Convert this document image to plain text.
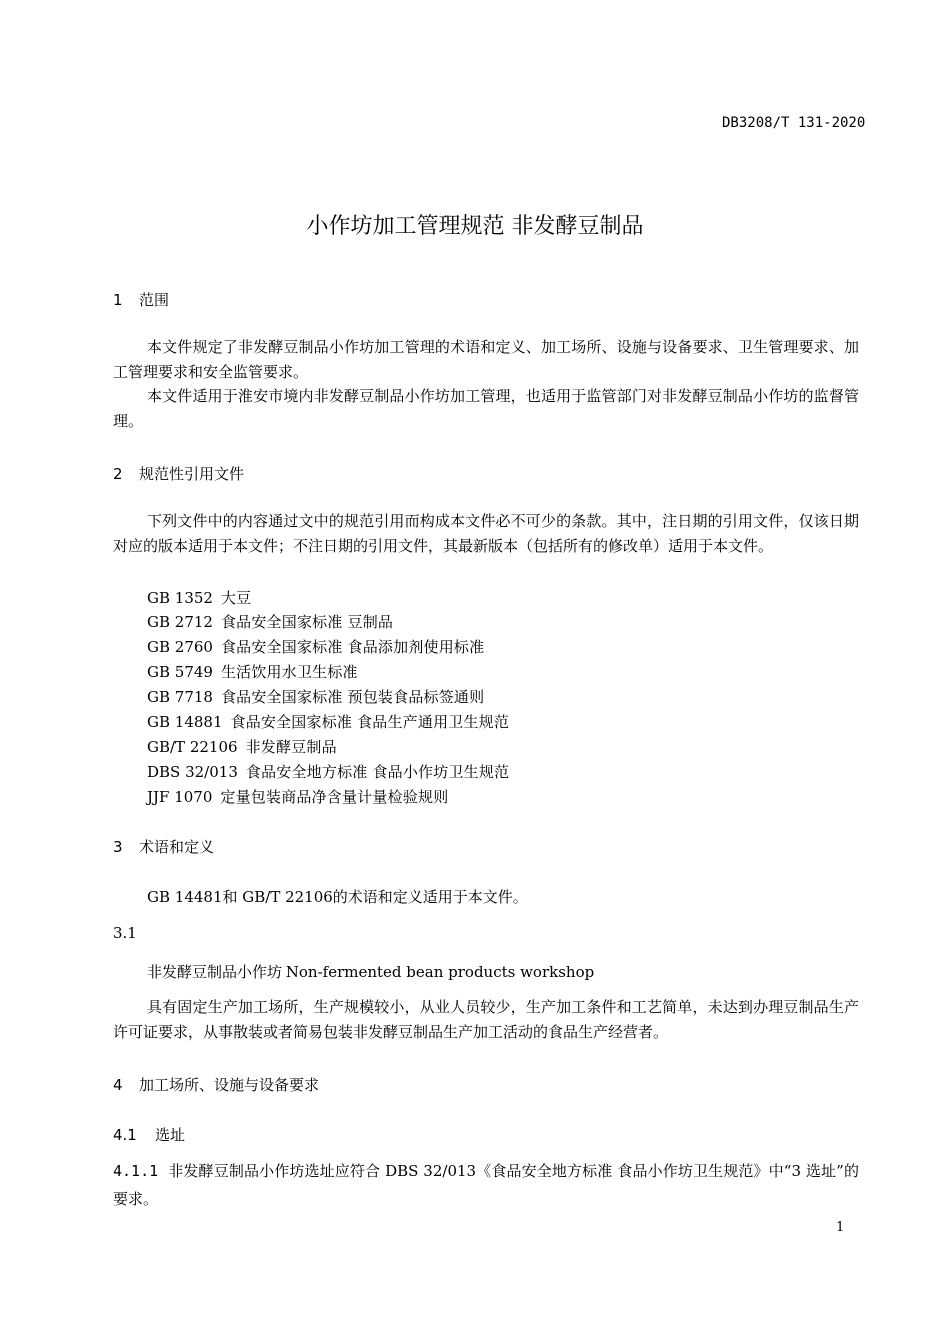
DB3208/T 131-2020

小作坊加工管理规范 非发酵豆制品
1 范围

本文件规定了非发酵豆制品小作坊加工管理的术语和定义、加工场所、设施与设备要求、卫生管理要求、加工管理要求和安全监管要求。

本文件适用于淮安市境内非发酵豆制品小作坊加工管理，也适用于监管部门对非发酵豆制品小作坊的监督管理。

2 规范性引用文件

下列文件中的内容通过文中的规范引用而构成本文件必不可少的条款。其中，注日期的引用文件，仅该日期对应的版本适用于本文件；不注日期的引用文件，其最新版本（包括所有的修改单）适用于本文件。

GB 1352 大豆
GB 2712 食品安全国家标准 豆制品
GB 2760 食品安全国家标准 食品添加剂使用标准
GB 5749 生活饮用水卫生标准
GB 7718 食品安全国家标准 预包装食品标签通则
GB 14881 食品安全国家标准 食品生产通用卫生规范
GB/T 22106 非发酵豆制品
DBS 32/013 食品安全地方标准 食品小作坊卫生规范
JJF 1070 定量包装商品净含量计量检验规则
3 术语和定义

GB 14481和 GB/T 22106的术语和定义适用于本文件。

3.1

非发酵豆制品小作坊 Non-fermented bean products workshop

具有固定生产加工场所，生产规模较小，从业人员较少，生产加工条件和工艺简单，未达到办理豆制品生产许可证要求，从事散装或者简易包装非发酵豆制品生产加工活动的食品生产经营者。

4 加工场所、设施与设备要求
4.1 选址
4.1.1 非发酵豆制品小作坊选址应符合 DBS 32/013《食品安全地方标准 食品小作坊卫生规范》中“3 选址”的要求。

1
